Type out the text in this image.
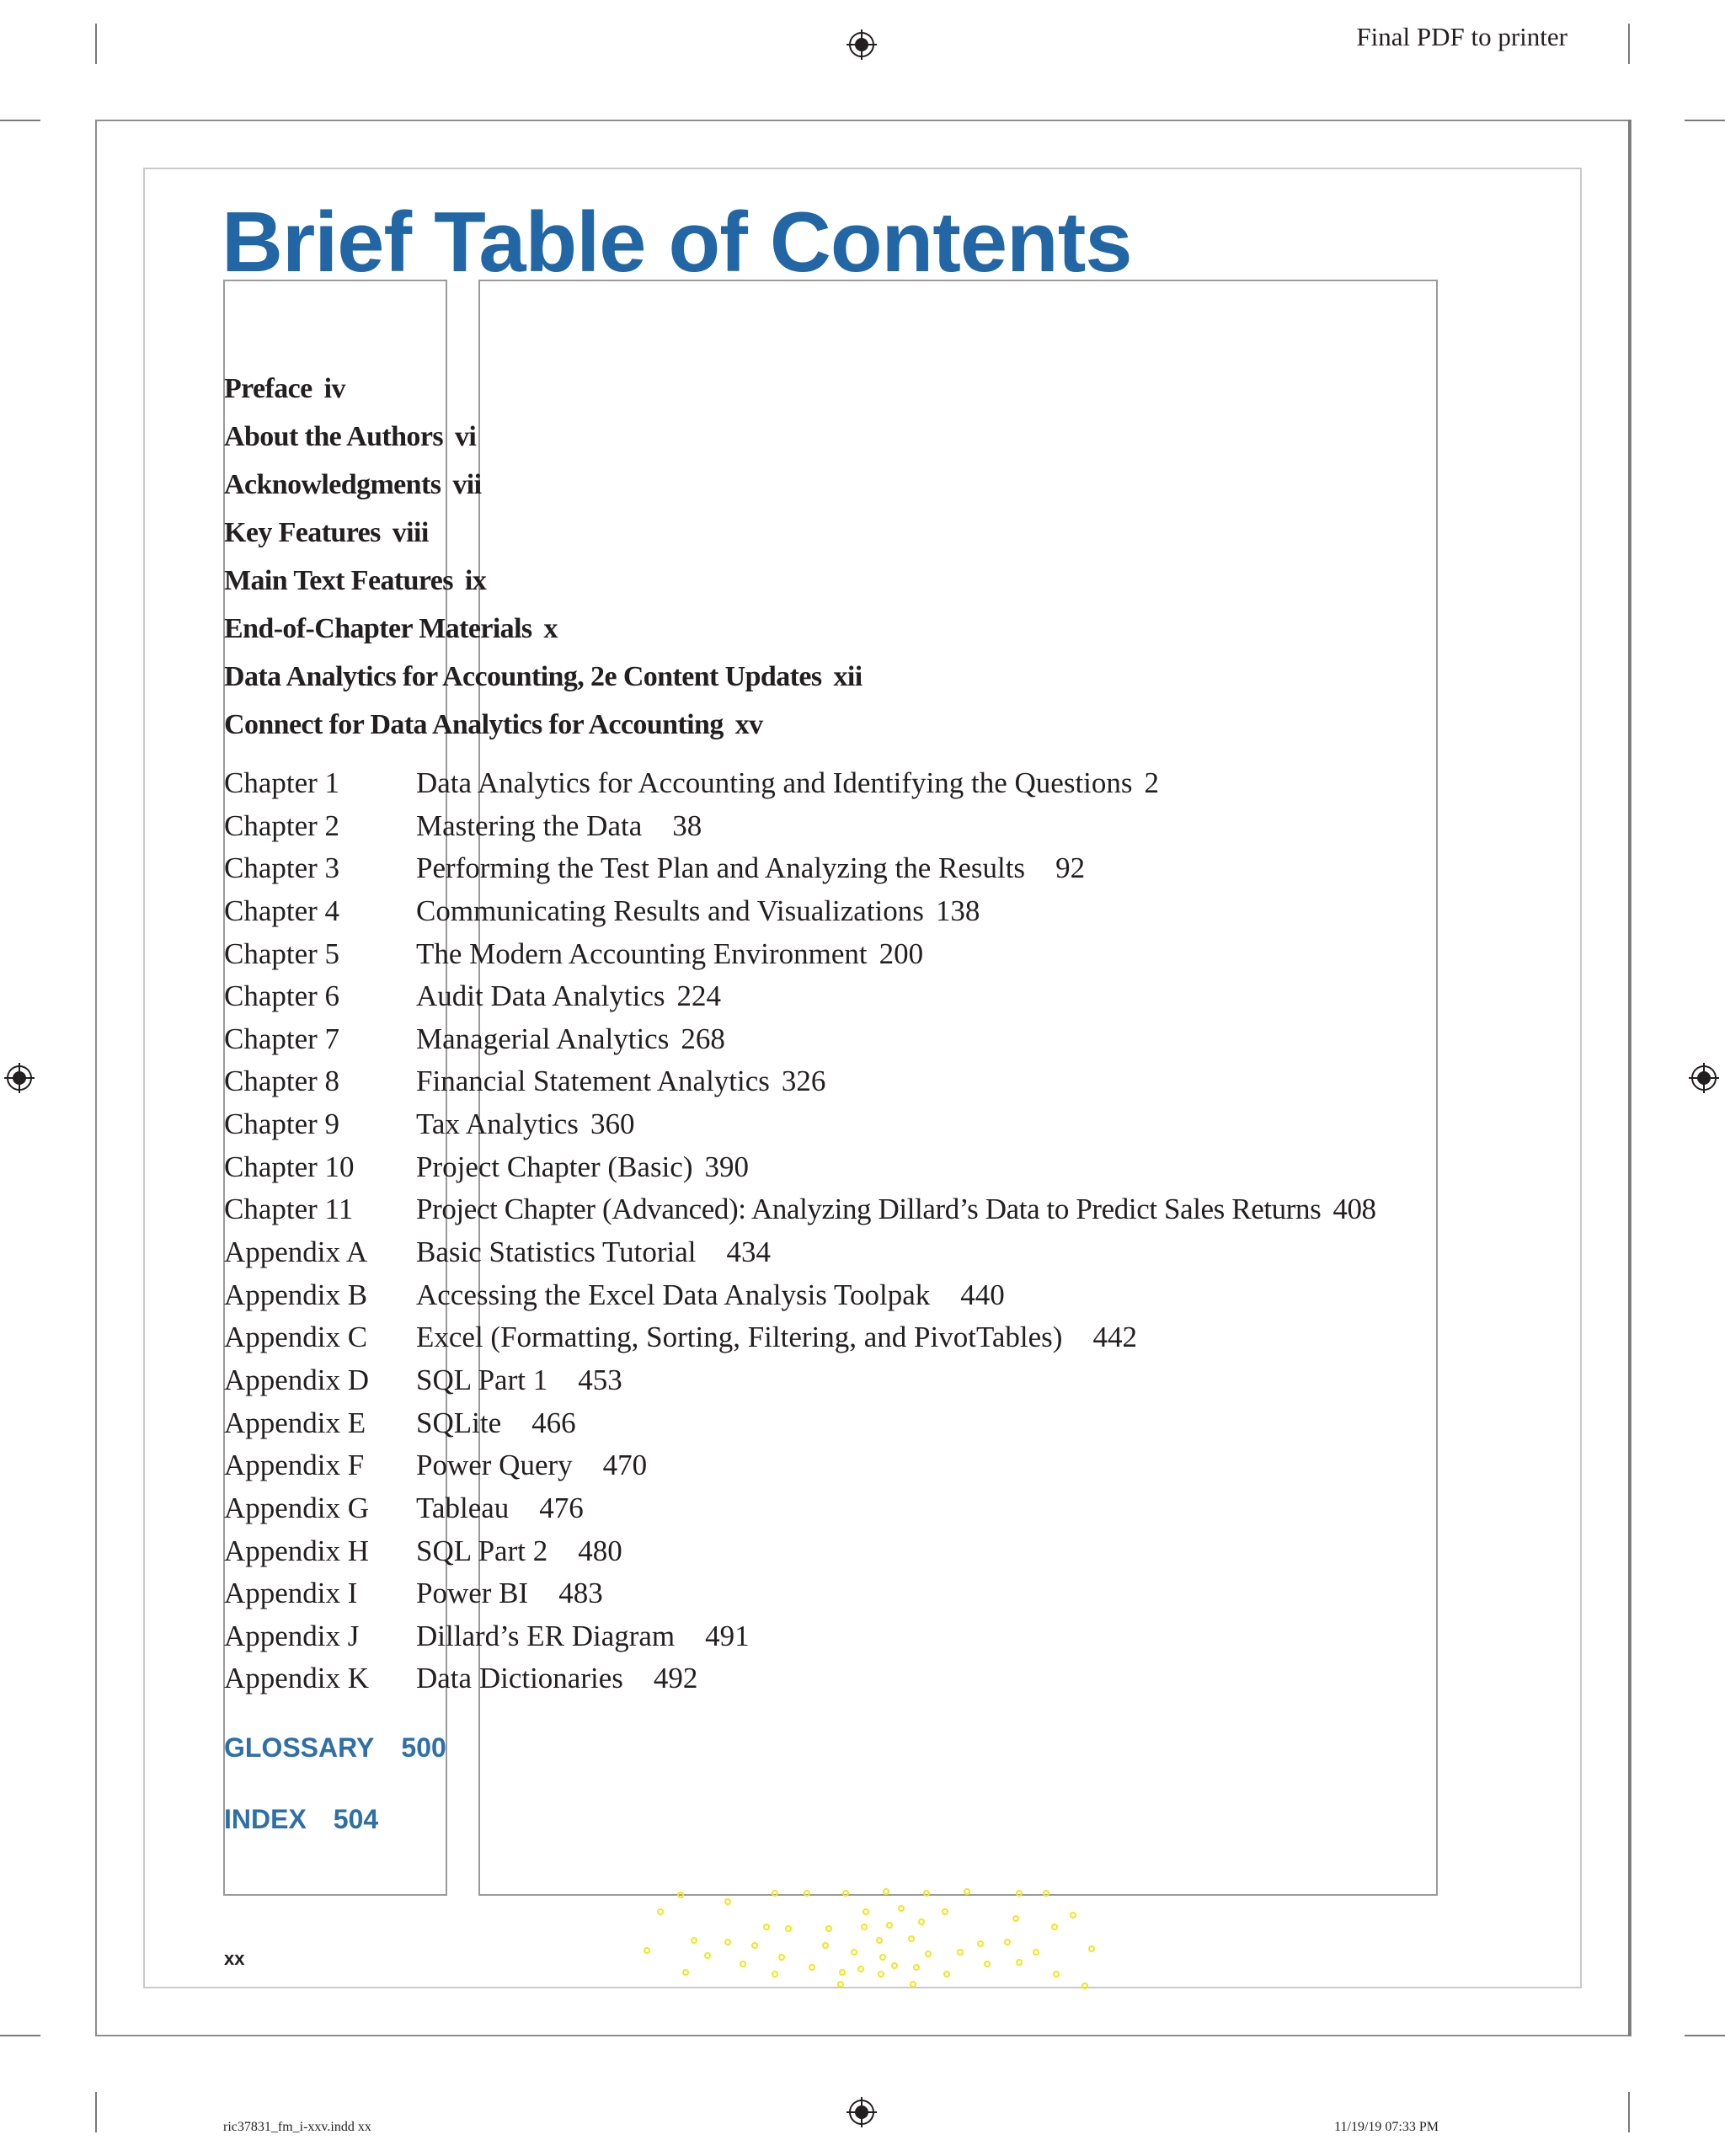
Final PDF to printer
ric37831_fm_i-xxv.indd xx	11/19/19 07:33 PM
Brief Table of Contents
Preface iv
About the Authors vi
Acknowledgments vii
Key Features viii
Main Text Features ix
End-of-Chapter Materials x
Data Analytics for Accounting, 2e Content Updates xii
Connect for Data Analytics for Accounting xv
Chapter 1	Data Analytics for Accounting and Identifying the Questions 2
Chapter 2	Mastering the Data 38
Chapter 3	Performing the Test Plan and Analyzing the Results 92
Chapter 4	Communicating Results and Visualizations 138
Chapter 5	The Modern Accounting Environment 200
Chapter 6	Audit Data Analytics 224
Chapter 7	Managerial Analytics 268
Chapter 8	Financial Statement Analytics 326
Chapter 9	Tax Analytics 360
Chapter 10 Project Chapter (Basic) 390
Chapter 11 Project Chapter (Advanced): Analyzing Dillard’s Data to Predict Sales Returns 408
Appendix A Basic Statistics Tutorial 434
Appendix B Accessing the Excel Data Analysis Toolpak 440
Appendix C Excel (Formatting, Sorting, Filtering, and PivotTables) 442
Appendix D SQL Part 1 453
Appendix E SQLite 466
Appendix F Power Query 470
Appendix G Tableau 476
Appendix H SQL Part 2 480
Appendix I Power BI 483
Appendix J Dillard’s ER Diagram 491
Appendix K Data Dictionaries 492
GLOSSARY 500
INDEX 504
xx
